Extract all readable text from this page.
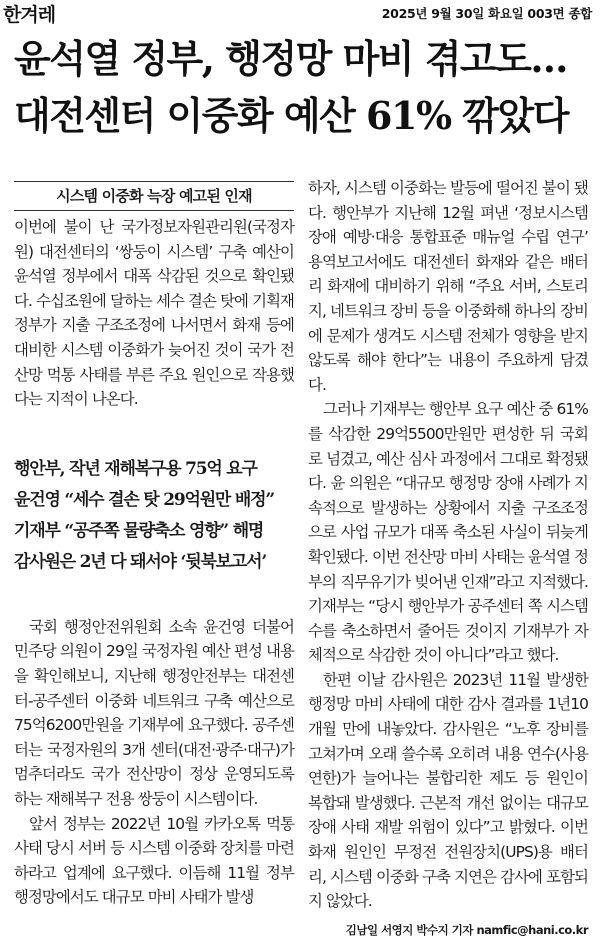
한겨레	2025년 9월 30일 화요일 003면 종합
윤석열 정부, 행정망 마비 겪고도…
대전센터 이중화 예산 61% 깎았다
시스템 이중화 늑장 예고된 인재

이번에 불이 난 국가정보자원관리원(국정자원) 대전센터의 ‘쌍둥이 시스템’ 구축 예산이 윤석열 정부에서 대폭 삭감된 것으로 확인됐다. 수십조원에 달하는 세수 결손 탓에 기획재정부가 지출 구조조정에 나서면서 화재 등에 대비한 시스템 이중화가 늦어진 것이 국가 전산망 먹통 사태를 부른 주요 원인으로 작용했다는 지적이 나온다.

행안부, 작년 재해복구용 75억 요구
윤건영 “세수 결손 탓 29억원만 배정”
기재부 “공주쪽 물량축소 영향” 해명
감사원은 2년 다 돼서야 ‘뒷북보고서’

국회 행정안전위원회 소속 윤건영 더불어민주당 의원이 29일 국정자원 예산 편성 내용을 확인해보니, 지난해 행정안전부는 대전센터-공주센터 이중화 네트워크 구축 예산으로 75억6200만원을 기재부에 요구했다. 공주센터는 국정자원의 3개 센터(대전·광주·대구)가 멈추더라도 국가 전산망이 정상 운영되도록 하는 재해복구 전용 쌍둥이 시스템이다.

앞서 정부는 2022년 10월 카카오톡 먹통 사태 당시 서버 등 시스템 이중화 장치를 마련하라고 업계에 요구했다. 이듬해 11월 정부 행정망에서도 대규모 마비 사태가 발생

하자, 시스템 이중화는 발등에 떨어진 불이 됐다. 행안부가 지난해 12월 펴낸 ‘정보시스템 장애 예방·대응 통합표준 매뉴얼 수립 연구’ 용역보고서에도 대전센터 화재와 같은 배터리 화재에 대비하기 위해 “주요 서버, 스토리지, 네트워크 장비 등을 이중화해 하나의 장비에 문제가 생겨도 시스템 전체가 영향을 받지 않도록 해야 한다”는 내용이 주요하게 담겼다.

그러나 기재부는 행안부 요구 예산 중 61%를 삭감한 29억5500만원만 편성한 뒤 국회로 넘겼고, 예산 심사 과정에서 그대로 확정됐다. 윤 의원은 “대규모 행정망 장애 사례가 지속적으로 발생하는 상황에서 지출 구조조정으로 사업 규모가 대폭 축소된 사실이 뒤늦게 확인됐다. 이번 전산망 마비 사태는 윤석열 정부의 직무유기가 빚어낸 인재”라고 지적했다. 기재부는 “당시 행안부가 공주센터 쪽 시스템 수를 축소하면서 줄어든 것이지 기재부가 자체적으로 삭감한 것이 아니다”라고 했다.

한편 이날 감사원은 2023년 11월 발생한 행정망 마비 사태에 대한 감사 결과를 1년10개월 만에 내놓았다. 감사원은 “노후 장비를 고쳐가며 오래 쓸수록 오히려 내용 연수(사용 연한)가 늘어나는 불합리한 제도 등 원인이 복합돼 발생했다. 근본적 개선 없이는 대규모 장애 사태 재발 위험이 있다”고 밝혔다. 이번 화재 원인인 무정전 전원장치(UPS)용 배터리, 시스템 이중화 구축 지연은 감사에 포함되지 않았다.

김남일 서영지 박수지 기자 namfic@hani.co.kr
